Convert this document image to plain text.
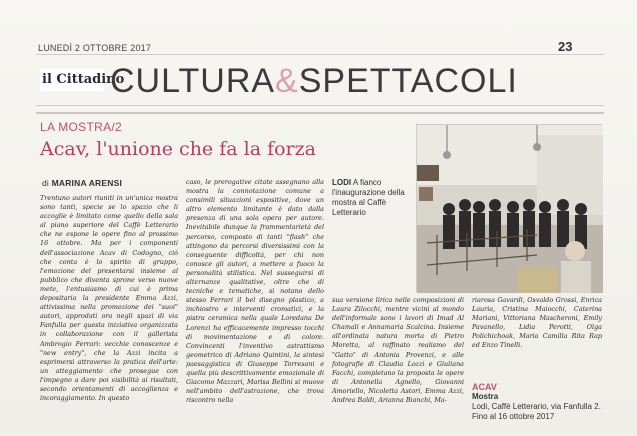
LUNEDÌ 2 OTTOBRE 2017	23
il Cittadino
CULTURA&SPETTACOLI
LA MOSTRA/2
Acav, l'unione che fa la forza
di MARINA ARENSI
Trentuno autori riuniti in un'unica mostra sono tanti, specie se lo spazio che li accoglie è limitato come quello della sala al piano superiore del Caffè Letterario che ne espone le opere fino al prossimo 16 ottobre. Ma per i componenti dell'associazione Acav di Codogno, ciò che conta è lo spirito di gruppo, l'emozione del presentarsi insieme al pubblico che diventa sprone verso nuove mete, l'entusiasmo di cui è prima depositaria la presidente Emma Azzi, attivissima nella promozione dei "suoi" autori, approdati ora negli spazi di via Fanfulla per questa iniziativa organizzata in collaborazione con il gallerista Ambrogio Ferrari: vecchie conoscenze e "new entry", che la Azzi incita a esprimersi attraverso la pratica dell'arte: un atteggiamento che prosegue con l'impegno a dare poi visibilità ai risultati, secondo orientamenti di accoglienza e incoraggiamento. In questo
caso, le prerogative citate assegnano alla mostra la connotazione comune a consimili situazioni espositive, dove un altro elemento limitante è dato dalla presenza di una sola opera per autore. Inevitabile dunque la frammentarietà del percorso, composto di tanti "flash" che attingono da percorsi diversissimi con la conseguente difficoltà, per chi non conosce gli autori, a mettere a fuoco la personalità stilistica. Nel susseguirsi di alternanze qualitative, oltre che di tecniche e tematiche, si notano dello stesso Ferrari il bel disegno plastico, a inchiostro e interventi cromatici, e la pistra ceramica nella quale Loredana De Lorenzi ha efficacemente impresso tocchi di movimentazione e di colore. Convincenti l'inventivo astrattismo geometrico di Adriano Quintini, la sintesi paesaggistica di Giuseppe Torresani e quella più descrittivamente emozionale di Giacomo Mazzari, Marisa Bellini si muove nell'ambito dell'astrazione, che trova riscontro nella
LODI A fianco l'inaugurazione della mostra al Caffè Letterario
sua versione lirica nelle composizioni di Laura Zilocchi, mentre vicini al mondo dell'informale sono i lavori di Imad Al Chamali e Annamaria Scalcina. Insieme all'ordinata natura morta di Pietro Moretta, al raffinato realismo del "Gatto" di Antonia Provenzi, e alle fotografie di Claudia Lozzi e Giuliana Facchi, completano la proposta le opere di Antonella Agnello, Giovanni Amoriello, Nicoletta Astori, Emma Azzi, Andrea Baldi, Arianna Bianchi, Ma-
riarosa Gavardi, Osvaldo Grossi, Enrica Lauria, Cristina Maiocchi, Caterina Mariani, Vittoriana Mascheroni, Emily Pavanello, Lidia Perotti, Olga Polichichoak, Maria Camilla Rita Rap ed Enzo Tinelli.
ACAV
Mostra
Lodi, Caffè Letterario, via Fanfulla 2. Fino al 16 ottobre 2017
